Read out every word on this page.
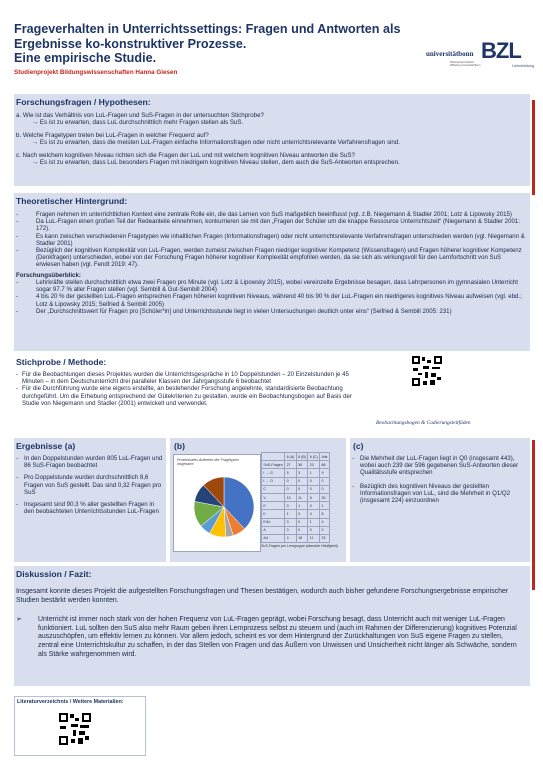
Frageverhalten in Unterrichtssettings: Fragen und Antworten als
Ergebnisse ko-konstruktiver Prozesse.
Eine empirische Studie.
Studienprojekt Bildungswissenschaften Hanna Giesen
universitätbonn
Rheinische Friedrich-Wilhelms-Universität Bonn
BZL
Lehrerbildung
Forschungsfragen / Hypothesen:
a. Wie ist das Verhältnis von LuL-Fragen und SuS-Fragen in der untersuchten Stichprobe?
→ Es ist zu erwarten, dass LuL durchschnittlich mehr Fragen stellen als SuS.
b. Welche Fragetypen treten bei LuL-Fragen in welcher Frequenz auf?
→ Es ist zu erwarten, dass die meisten LuL-Fragen einfache Informationsfragen oder nicht unterrichtsrelevante Verfahrensfragen sind.
c. Nach welchem kognitiven Niveau richten sich die Fragen der LuL und mit welchem kognitiven Niveau antworten die SuS?
→ Es ist zu erwarten, dass LuL besonders Fragen mit niedrigem kognitiven Niveau stellen, dem auch die SuS-Antworten entsprechen.
Theoretischer Hintergrund:
- Fragen nehmen im unterrichtlichen Kontext eine zentrale Rolle ein, die das Lernen von SuS maßgeblich beeinflusst (vgl. z.B. Niegemann & Stadler 2001; Lotz & Lipowsky 2015)
- Da LuL-Fragen einen großen Teil der Redeanteile einnehmen, konkurrieren sie mit den „Fragen der Schüler um die knappe Ressource Unterrichtszeit“ (Niegemann & Stadler 2001: 172).
- Es kann zwischen verschiedenen Fragetypen wie inhaltlichen Fragen (Informationsfragen) oder nicht unterrichtsrelevante Verfahrensfragen unterschieden werden (vgl. Niegemann & Stadler 2001)
- Bezüglich der kognitiven Komplexität von LuL-Fragen, werden zumeist zwischen Fragen niedriger kognitiver Kompetenz (Wissensfragen) und Fragen höherer kognitiver Kompetenz (Denkfragen) unterschieden, wobei von der Forschung Fragen höherer kognitiver Komplexität empfohlen werden, da sie sich als wirkungsvoll für den Lernfortschritt von SuS erwiesen haben (vgl. Fendt 2019: 47).
Forschungsüberblick:
- Lehrkräfte stellen durchschnittlich etwa zwei Fragen pro Minute (vgl. Lotz & Lipowsky 2015), wobei vereinzelte Ergebnisse besagen, dass Lehrpersonen im gymnasialen Unterricht sogar 97.7 % aller Fragen stellen (vgl. Sembill & Gut-Sembill 2004)
- 4 bis 20 % der gestellten LuL-Fragen entsprechen Fragen höheren kognitiven Niveaus, während 40 bis 90 % der LuL-Fragen ein niedrigeres kognitives Niveau aufweisen (vgl. ebd.; Lotz & Lipowsky 2015; Seifried & Sembill 2005)
- Der „Durchschnittswert für Fragen pro [Schüler*in] und Unterrichtsstunde liegt in vielen Untersuchungen deutlich unter eins“ (Seifried & Sembill 2005: 231)
Stichprobe / Methode:
- Für die Beobachtungen dieses Projektes wurden die Unterrichtsgespräche in 10 Doppelstunden – 20 Einzelstunden je 45 Minuten – in dem Deutschunterricht drei paralleler Klassen der Jahrgangsstufe 6 beobachtet
- Für die Durchführung wurde eine eigens erstellte, an bestehender Forschung angelehnte, standardisierte Beobachtung durchgeführt. Um die Erhebung entsprechend der Gütekriterien zu gestalten, wurde ein Beobachtungsbogen auf Basis der Studie von Niegemann und Stadler (2001) entwickelt und verwendet.
Beobachtungsbogen & Codierungsleitfäden
Ergebnisse (a)
- In den Doppelstunden wurden 805 LuL-Fragen und 86 SuS-Fragen beobachtet
- Pro Doppelstunde wurden durchschnittlich 8,6 Fragen von SuS gestellt. Das sind 0,32 Fragen pro SuS
- Insgesamt sind 90.3 % aller gestellten Fragen in den beobachteten Unterrichtsstunden LuL-Fragen
(b)
Prozentuales Auftreten der Fragetypen insgesamt
	6 (A)	6 (B)	6 (C)	Alle
SuS-Fragen	27	36	23	86
I → G	5	3	1	9
I → O	0	0	0	0
C	0	0	0	0
V	13	11	6	30
E	0	1	0	1
K	1	3	4	8
Erkl.	3	0	1	4
A	0	0	0	0
Ad	4	18	11	33
SuS-Fragen pro Lerngruppe (absolute Häufigkeit)
(c)
- Die Mehrheit der LuL-Fragen liegt in Q0 (insgesamt 443), wobei auch 239 der 596 gegebenen SuS-Antworten dieser Qualitätsstufe entsprechen
- Bezüglich des kognitiven Niveaus der gestellten Informationsfragen von LuL, sind die Mehrheit in Q1/Q2 (insgesamt 224) einzuordnen
Diskussion / Fazit:
Insgesamt konnte dieses Projekt die aufgestellten Forschungsfragen und Thesen bestätigen, wodurch auch bisher gefundene Forschungsergebnisse empirischer Studien bestärkt werden konnten.
➢	Unterricht ist immer noch stark von der hohen Frequenz von LuL-Fragen geprägt, wobei Forschung besagt, dass Unterricht auch mit weniger LuL-Fragen funktioniert. LuL sollten den SuS also mehr Raum geben ihren Lernprozess selbst zu steuern und (auch im Rahmen der Differenzierung) kognitives Potenzial auszuschöpfen, um effektiv lernen zu können. Vor allem jedoch, scheint es vor dem Hintergrund der Zurückhaltungen von SuS eigene Fragen zu stellen, zentral eine Unterrichtskultur zu schaffen, in der das Stellen von Fragen und das Äußern von Unwissen und Unsicherheit nicht länger als Schwäche, sondern als Stärke wahrgenommen wird.
Literaturverzeichnis / Weitere Materialien:
